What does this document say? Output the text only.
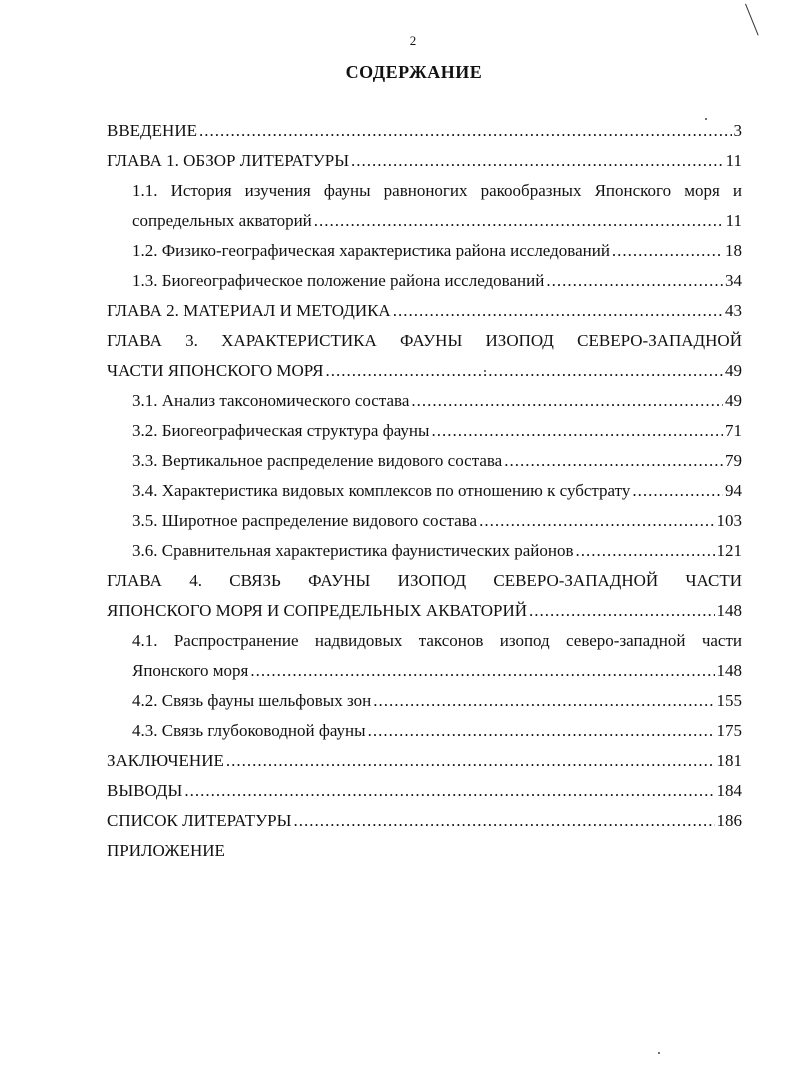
2
СОДЕРЖАНИЕ
ВВЕДЕНИЕ .....	3
ГЛАВА 1. ОБЗОР ЛИТЕРАТУРЫ .....	11
1.1. История изучения фауны равноногих ракообразных Японского моря и
сопредельных акваторий .....	11
1.2. Физико-географическая характеристика района исследований .....	18
1.3. Биогеографическое положение района исследований .....	34
ГЛАВА 2. МАТЕРИАЛ И МЕТОДИКА .....	43
ГЛАВА 3. ХАРАКТЕРИСТИКА ФАУНЫ ИЗОПОД СЕВЕРО-ЗАПАДНОЙ
ЧАСТИ ЯПОНСКОГО МОРЯ .....	49
3.1. Анализ таксономического состава .....	49
3.2. Биогеографическая структура фауны .....	71
3.3. Вертикальное распределение видового состава .....	79
3.4. Характеристика видовых комплексов по отношению к субстрату .....	94
3.5. Широтное распределение видового состава .....	103
3.6. Сравнительная характеристика фаунистических районов .....	121
ГЛАВА 4. СВЯЗЬ ФАУНЫ ИЗОПОД СЕВЕРО-ЗАПАДНОЙ ЧАСТИ
ЯПОНСКОГО МОРЯ И СОПРЕДЕЛЬНЫХ АКВАТОРИЙ .....	148
4.1. Распространение надвидовых таксонов изопод северо-западной части
Японского моря .....	148
4.2. Связь фауны шельфовых зон .....	155
4.3. Связь глубоководной фауны .....	175
ЗАКЛЮЧЕНИЕ .....	181
ВЫВОДЫ .....	184
СПИСОК ЛИТЕРАТУРЫ .....	186
ПРИЛОЖЕНИЕ
